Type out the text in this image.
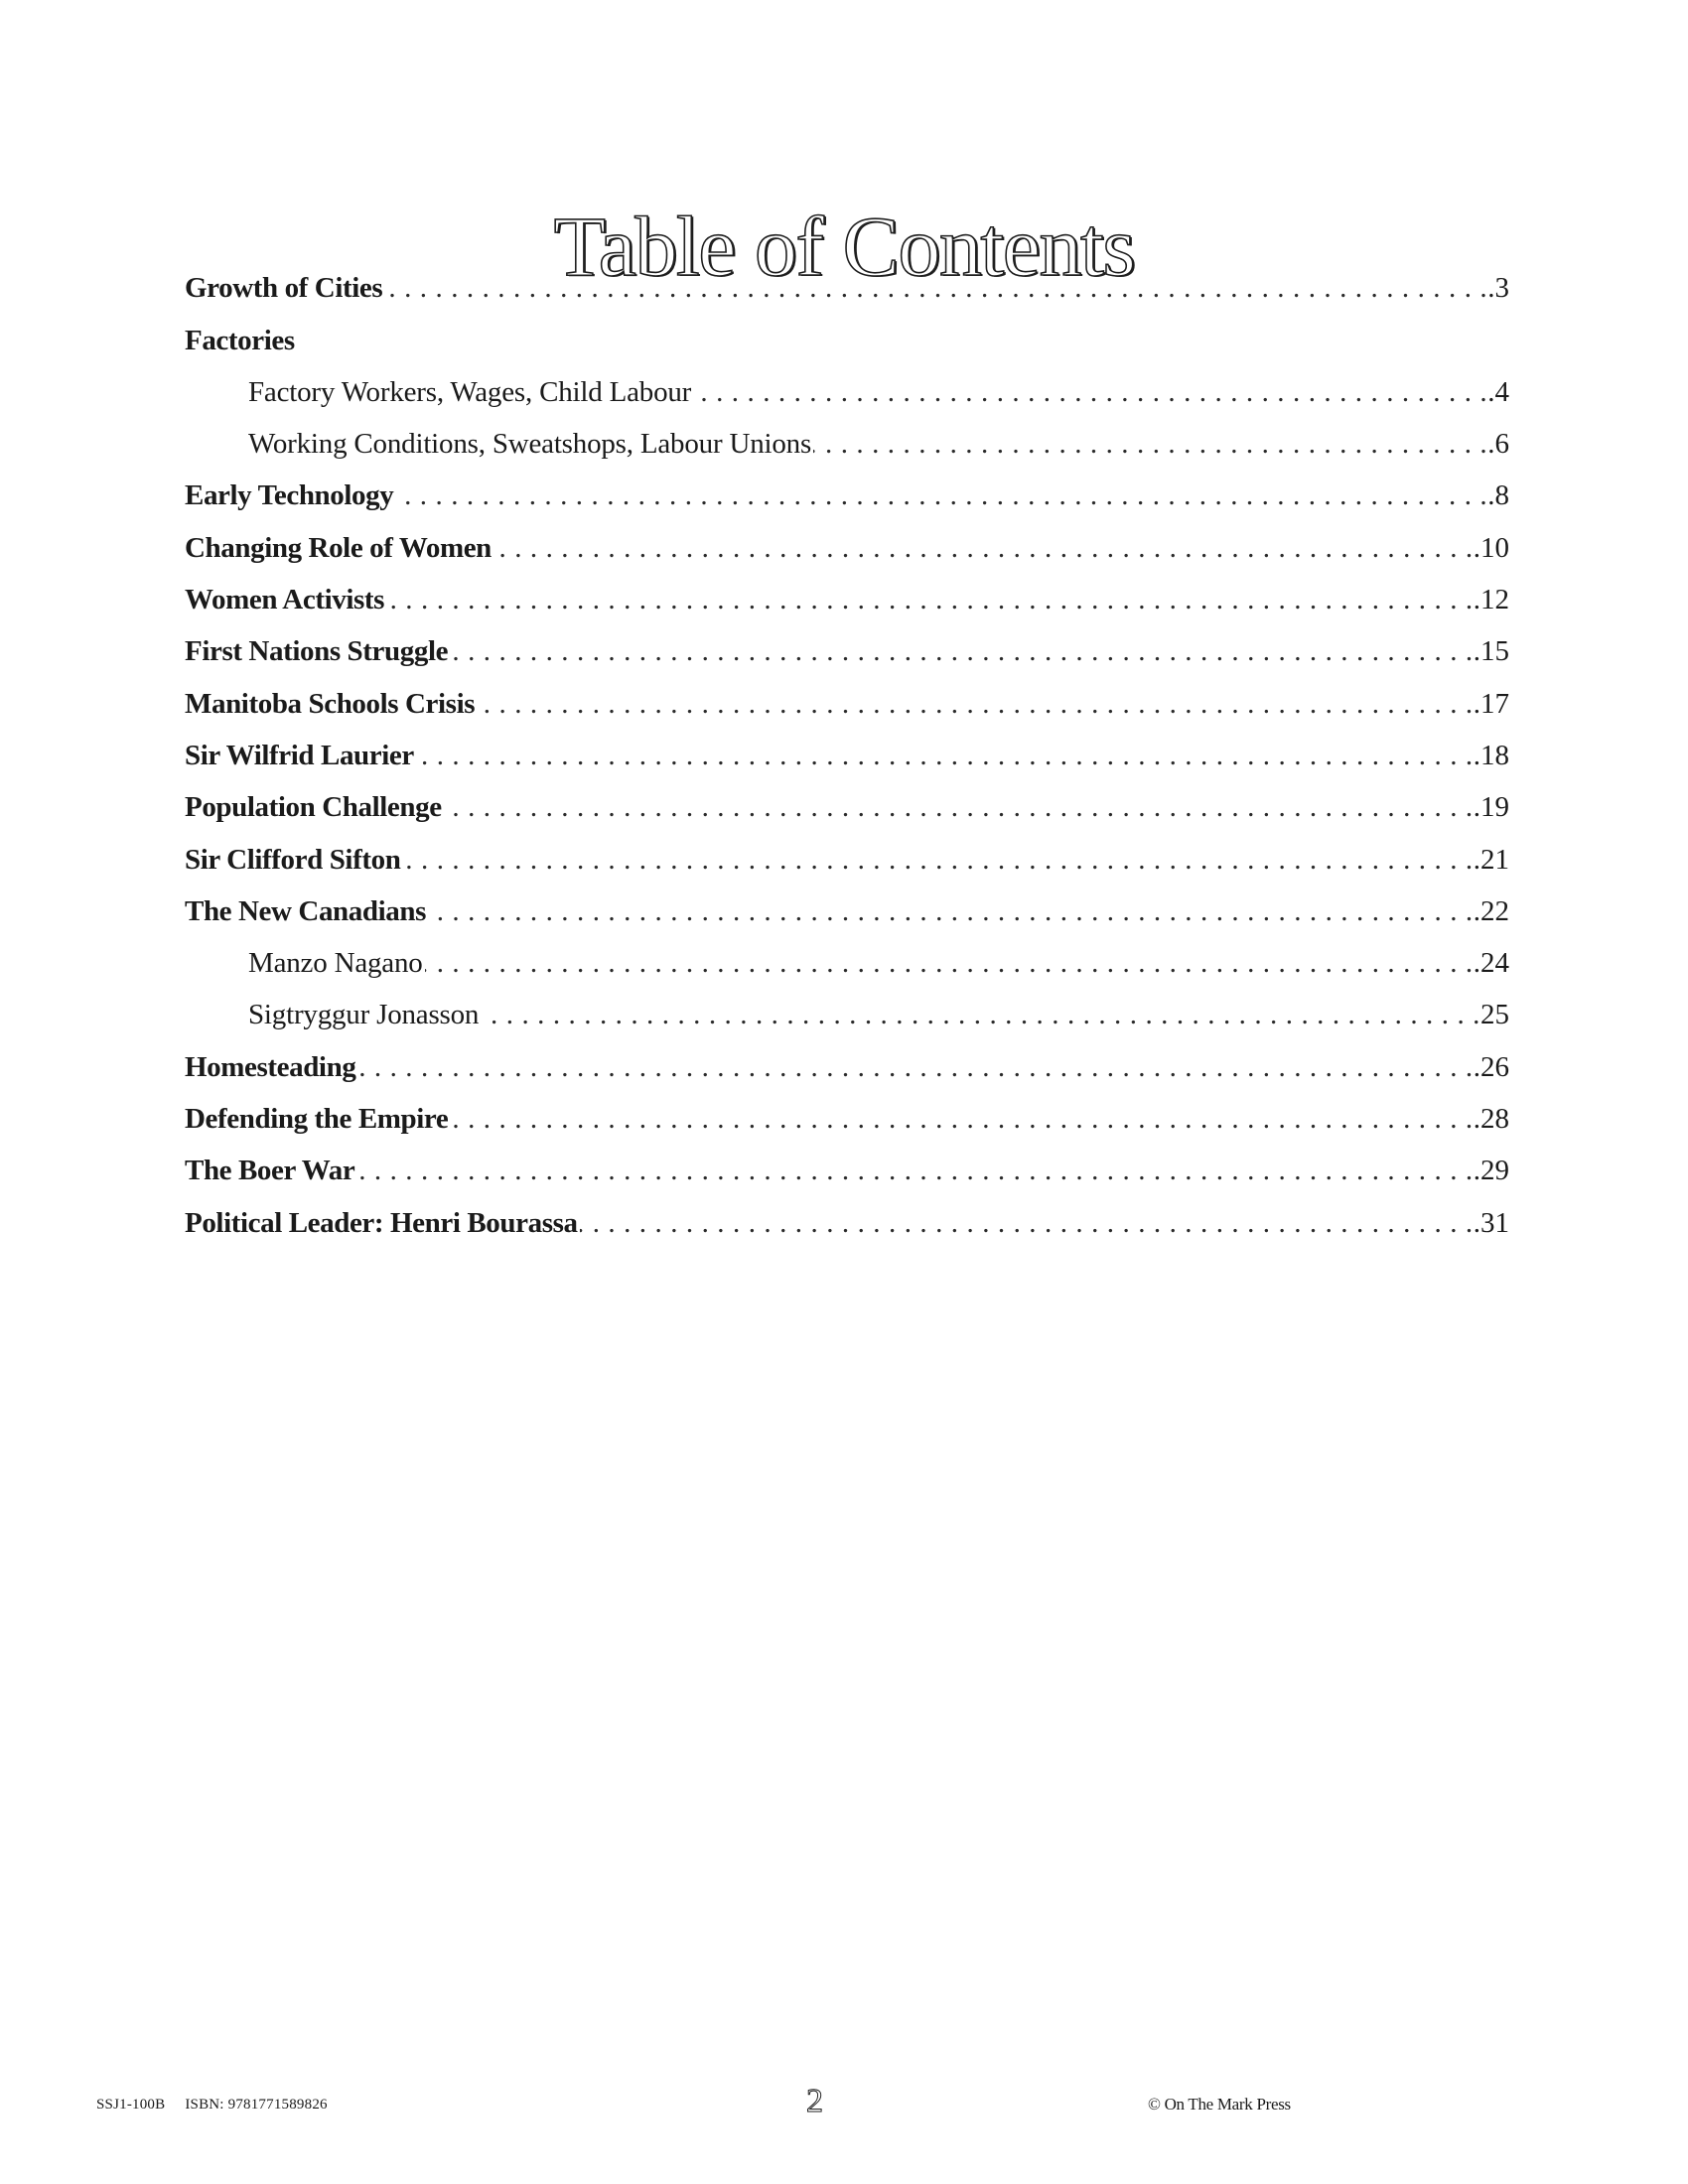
Table of Contents
Growth of Cities . . .	. 3
Factories
Factory Workers, Wages, Child Labour . . .	. 4
Working Conditions, Sweatshops, Labour Unions . . .	. 6
Early Technology . . .	. 8
Changing Role of Women . . .	. 10
Women Activists . . .	. 12
First Nations Struggle . . .	. 15
Manitoba Schools Crisis . . .	. 17
Sir Wilfrid Laurier . . .	. 18
Population Challenge . . .	. 19
Sir Clifford Sifton . . .	. 21
The New Canadians . . .	. 22
Manzo Nagano . . .	. 24
Sigtryggur Jonasson . . .	25
Homesteading . . .	. 26
Defending the Empire . . .	. 28
The Boer War . . .	. 29
Political Leader: Henri Bourassa . . .	. 31
SSJ1-100B ISBN: 9781771589826	2	© On The Mark Press
